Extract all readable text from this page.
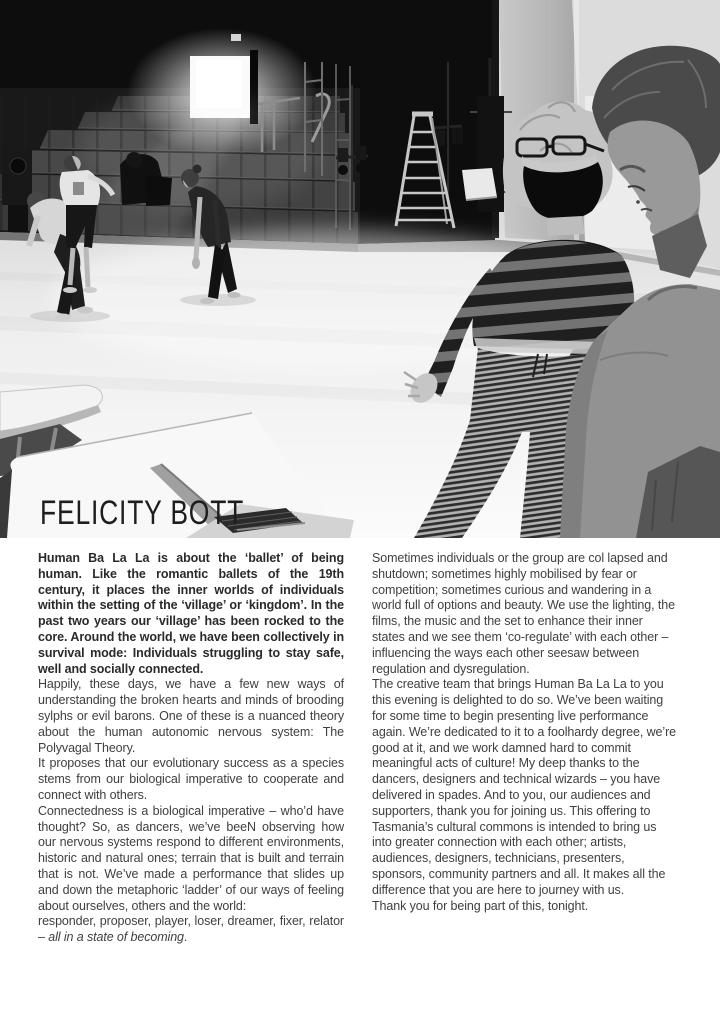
FELICITY BOTT

Human Ba La La is about the ‘ballet’ of being human. Like the romantic ballets of the 19th century, it places the inner worlds of individuals within the setting of the ‘village’ or ‘kingdom’. In the past two years our ‘village’ has been rocked to the core. Around the world, we have been collectively in survival mode: Individuals struggling to stay safe, well and socially connected.

Happily, these days, we have a few new ways of understanding the broken hearts and minds of brooding sylphs or evil barons. One of these is a nuanced theory about the human autonomic nervous system: The Polyvagal Theory.

It proposes that our evolutionary success as a species stems from our biological imperative to cooperate and connect with others.

Connectedness is a biological imperative – who’d have thought? So, as dancers, we’ve beeN observing how our nervous systems respond to different environments, historic and natural ones; terrain that is built and terrain that is not. We’ve made a performance that slides up and down the metaphoric ‘ladder’ of our ways of feeling about ourselves, others and the world:

responder, proposer, player, loser, dreamer, fixer, relator – all in a state of becoming.

Sometimes individuals or the group are col lapsed and shutdown; sometimes highly mobilised by fear or competition; sometimes curious and wandering in a world full of options and beauty. We use the lighting, the films, the music and the set to enhance their inner states and we see them ‘co-regulate’ with each other – influencing the ways each other seesaw between regulation and dysregulation.

The creative team that brings Human Ba La La to you this evening is delighted to do so. We’ve been waiting for some time to begin presenting live performance again. We’re dedicated to it to a foolhardy degree, we’re good at it, and we work damned hard to commit meaningful acts of culture! My deep thanks to the dancers, designers and technical wizards – you have delivered in spades. And to you, our audiences and supporters, thank you for joining us. This offering to Tasmania’s cultural commons is intended to bring us into greater connection with each other; artists, audiences, designers, technicians, presenters, sponsors, community partners and all. It makes all the difference that you are here to journey with us.

Thank you for being part of this, tonight.
